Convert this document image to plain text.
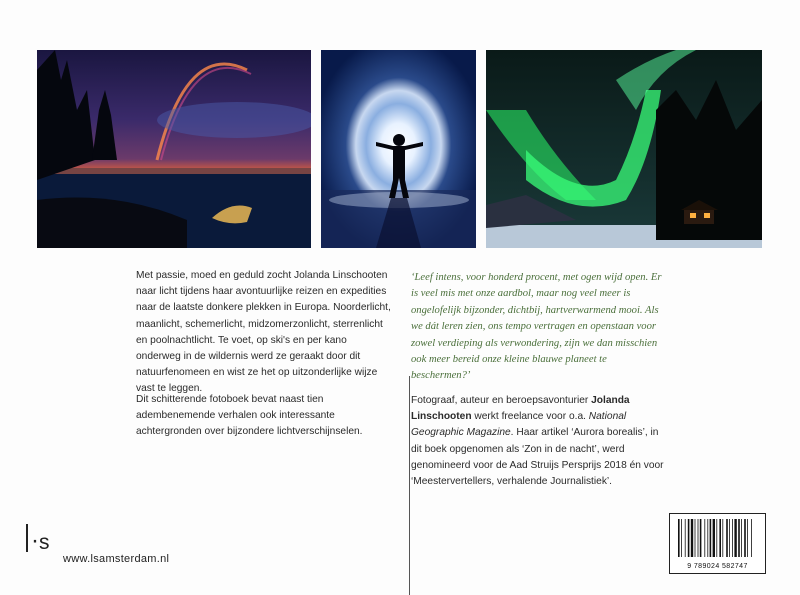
Met passie, moed en geduld zocht Jolanda Linschooten naar licht tijdens haar avontuurlijke reizen en expedities naar de laatste donkere plekken in Europa. Noorderlicht, maanlicht, schemerlicht, midzomerzonlicht, sterrenlicht en poolnachtlicht. Te voet, op ski's en per kano onderweg in de wildernis werd ze geraakt door dit natuurfenomeen en wist ze het op uitzonderlijke wijze vast te leggen.

Dit schitterende fotoboek bevat naast tien adembenemende verhalen ook interessante achtergronden over bijzondere lichtverschijnselen.

‘Leef intens, voor honderd procent, met ogen wijd open. Er is veel mis met onze aardbol, maar nog veel meer is ongelofelijk bijzonder, dichtbij, hartverwarmend mooi. Als we dát leren zien, ons tempo vertragen en openstaan voor zowel verdieping als verwondering, zijn we dan misschien ook meer bereid onze kleine blauwe planeet te beschermen?’

Fotograaf, auteur en beroepsavonturier Jolanda Linschooten werkt freelance voor o.a. National Geographic Magazine. Haar artikel ‘Aurora borealis’, in dit boek opgenomen als ‘Zon in de nacht’, werd genomineerd voor de Aad Struijs Persprijs 2018 én voor ‘Meestervertellers, verhalende Journalistiek’.

·s
www.lsamsterdam.nl
9 789024 582747
